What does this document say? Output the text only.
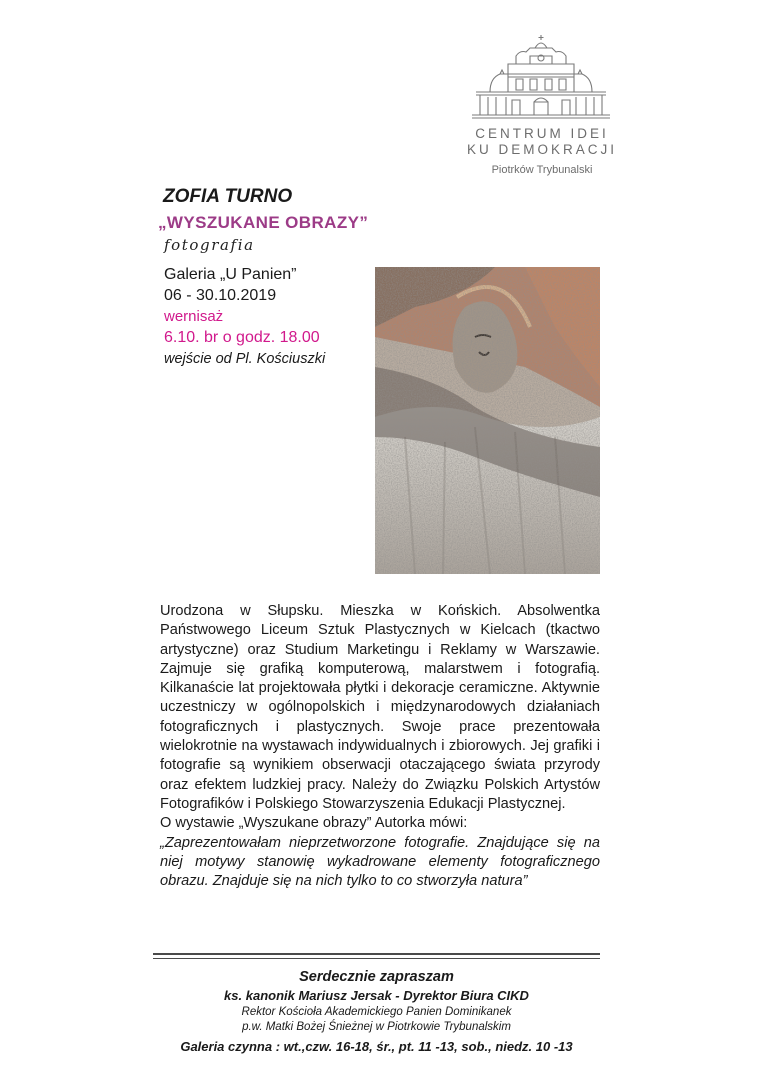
CENTRUM IDEI
KU DEMOKRACJI
Piotrków Trybunalski
ZOFIA TURNO
„WYSZUKANE OBRAZY”
fotografia
Galeria „U Panien”
06 - 30.10.2019
wernisaż
6.10. br o godz. 18.00
wejście od Pl. Kościuszki

Urodzona w Słupsku. Mieszka w Końskich. Absolwentka Państwowego Liceum Sztuk Plastycznych w Kielcach (tkactwo artystyczne) oraz Studium Marketingu i Reklamy w Warszawie. Zajmuje się grafiką komputerową, malarstwem i fotografią. Kilkanaście lat projektowała płytki i dekoracje ceramiczne. Aktywnie uczestniczy w ogólnopolskich i międzynarodowych działaniach fotograficznych i plastycznych. Swoje prace prezentowała wielokrotnie na wystawach indywidualnych i zbiorowych. Jej grafiki i fotografie są wynikiem obserwacji otaczającego świata przyrody oraz efektem ludzkiej pracy. Należy do Związku Polskich Artystów Fotografików i Polskiego Stowarzyszenia Edukacji Plastycznej.

O wystawie „Wyszukane obrazy” Autorka mówi:

„Zaprezentowałam nieprzetworzone fotografie. Znajdujące się na niej motywy stanowię wykadrowane elementy fotograficznego obrazu. Znajduje się na nich tylko to co stworzyła natura”

Serdecznie zapraszam
ks. kanonik Mariusz Jersak - Dyrektor Biura CIKD
Rektor Kościoła Akademickiego Panien Dominikanek
p.w. Matki Bożej Śnieżnej w Piotrkowie Trybunalskim
Galeria czynna : wt.,czw. 16-18, śr., pt. 11 -13, sob., niedz. 10 -13
